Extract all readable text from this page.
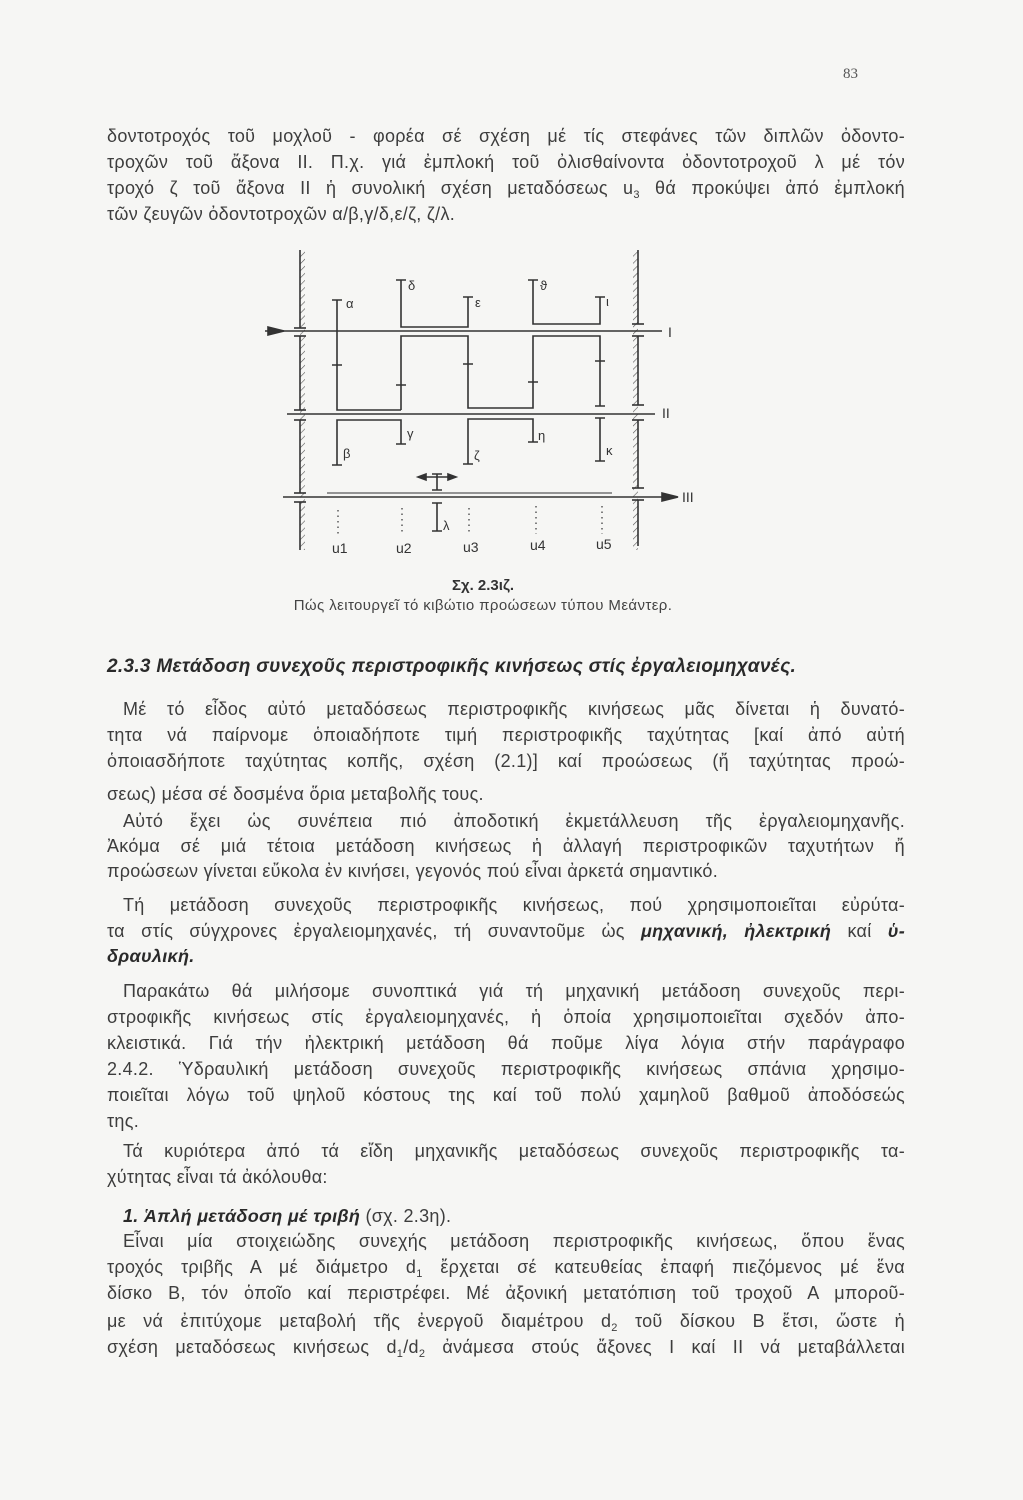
83
α
δ
ε
ϑ
ι
β
γ
ζ
η
κ
λ
I
II
III
u1	u2	u3	u4	u5
Σχ. 2.3ιζ.
Πώς λειτουργεῖ τό κιβώτιο προώσεων τύπου Μεάντερ.
2.3.3 Μετάδοση συνεχοῦς περιστροφικῆς κινήσεως στίς ἐργαλειομηχανές.
δοντοτροχός τοῦ μοχλοῦ - φορέα σέ σχέση μέ τίς στεφάνες τῶν διπλῶν ὀδοντο-
τροχῶν τοῦ ἄξονα ΙΙ. Π.χ. γιά ἐμπλοκή τοῦ ὀλισθαίνοντα ὀδοντοτροχοῦ λ μέ τόν
τροχό ζ τοῦ ἄξονα ΙΙ ἡ συνολική σχέση μεταδόσεως $u_3$ θά προκύψει ἀπό ἐμπλοκή
τῶν ζευγῶν ὀδοντοτροχῶν α/β,γ/δ,ε/ζ, ζ/λ.
Μέ τό εἶδος αὐτό μεταδόσεως περιστροφικῆς κινήσεως μᾶς δίνεται ἡ δυνατό-
τητα νά παίρνομε ὁποιαδήποτε τιμή περιστροφικῆς ταχύτητας [καί ἀπό αὐτή
ὁποιασδήποτε ταχύτητας κοπῆς, σχέση (2.1)] καί προώσεως (ἤ ταχύτητας προώ-
σεως) μέσα σέ δοσμένα ὅρια μεταβολῆς τους.
Αὐτό ἔχει ὡς συνέπεια πιό ἀποδοτική ἐκμετάλλευση τῆς ἐργαλειομηχανῆς.
Ἀκόμα σέ μιά τέτοια μετάδοση κινήσεως ἡ ἀλλαγή περιστροφικῶν ταχυτήτων ἤ
προώσεων γίνεται εὔκολα ἐν κινήσει, γεγονός πού εἶναι ἀρκετά σημαντικό.
Τή μετάδοση συνεχοῦς περιστροφικῆς κινήσεως, πού χρησιμοποιεῖται εὐρύτα-
τα στίς σύγχρονες ἐργαλειομηχανές, τή συναντοῦμε ὡς μηχανική, ἠλεκτρική καί ὑ-
δραυλική.
Παρακάτω θά μιλήσομε συνοπτικά γιά τή μηχανική μετάδοση συνεχοῦς περι-
στροφικῆς κινήσεως στίς ἐργαλειομηχανές, ἡ ὁποία χρησιμοποιεῖται σχεδόν ἀπο-
κλειστικά. Γιά τήν ἠλεκτρική μετάδοση θά ποῦμε λίγα λόγια στήν παράγραφο
2.4.2. Ὑδραυλική μετάδοση συνεχοῦς περιστροφικῆς κινήσεως σπάνια χρησιμο-
ποιεῖται λόγω τοῦ ψηλοῦ κόστους της καί τοῦ πολύ χαμηλοῦ βαθμοῦ ἀποδόσεώς
της.
Τά κυριότερα ἀπό τά εἴδη μηχανικῆς μεταδόσεως συνεχοῦς περιστροφικῆς τα-
χύτητας εἶναι τά ἀκόλουθα:
1. Ἁπλή μετάδοση μέ τριβή (σχ. 2.3η).
Εἶναι μία στοιχειώδης συνεχής μετάδοση περιστροφικῆς κινήσεως, ὅπου ἕνας
τροχός τριβῆς Α μέ διάμετρο $d_1$ ἔρχεται σέ κατευθείας ἐπαφή πιεζόμενος μέ ἕνα
δίσκο Β, τόν ὁποῖο καί περιστρέφει. Μέ ἀξονική μετατόπιση τοῦ τροχοῦ Α μποροῦ-
με νά ἐπιτύχομε μεταβολή τῆς ἐνεργοῦ διαμέτρου $d_2$ τοῦ δίσκου Β ἔτσι, ὥστε ἡ
σχέση μεταδόσεως κινήσεως $d_1/d_2$ ἀνάμεσα στούς ἄξονες Ι καί ΙΙ νά μεταβάλλεται
